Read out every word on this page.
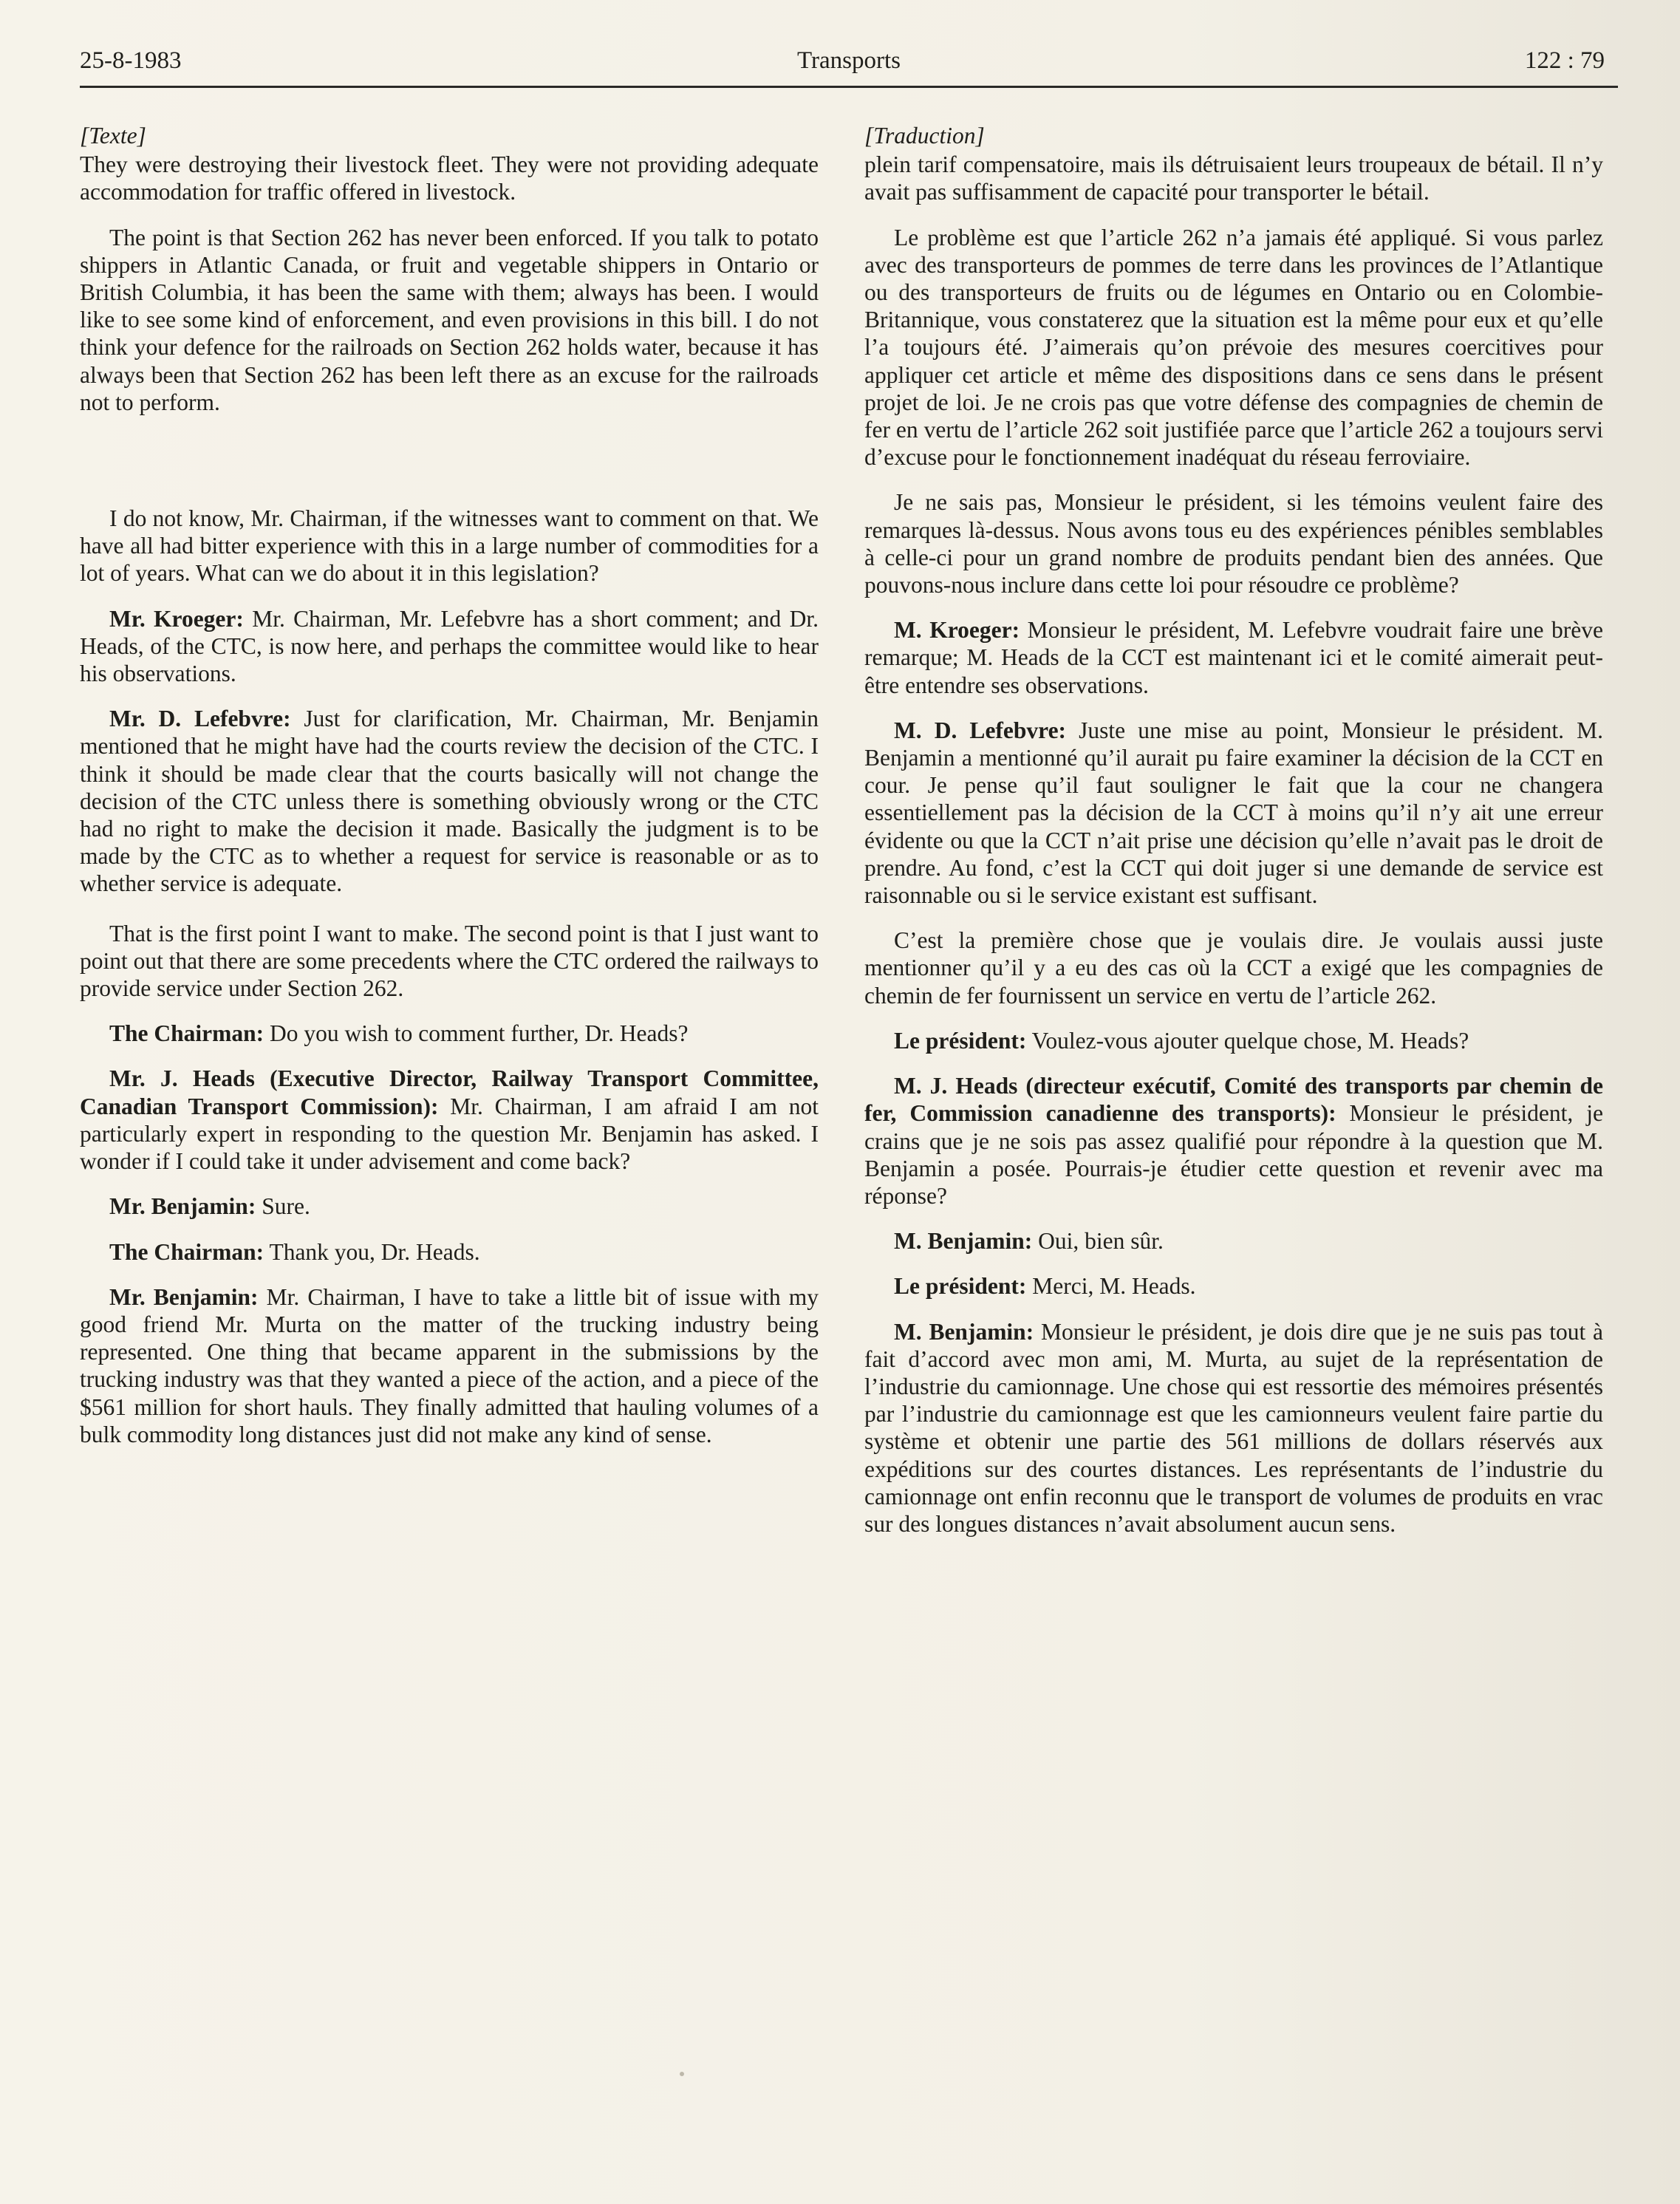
25-8-1983	Transports	122 : 79

[Texte]

They were destroying their livestock fleet. They were not providing adequate accommodation for traffic offered in livestock.

The point is that Section 262 has never been enforced. If you talk to potato shippers in Atlantic Canada, or fruit and vegetable shippers in Ontario or British Columbia, it has been the same with them; always has been. I would like to see some kind of enforcement, and even provisions in this bill. I do not think your defence for the railroads on Section 262 holds water, because it has always been that Section 262 has been left there as an excuse for the railroads not to perform.

I do not know, Mr. Chairman, if the witnesses want to comment on that. We have all had bitter experience with this in a large number of commodities for a lot of years. What can we do about it in this legislation?

Mr. Kroeger: Mr. Chairman, Mr. Lefebvre has a short comment; and Dr. Heads, of the CTC, is now here, and perhaps the committee would like to hear his observations.

Mr. D. Lefebvre: Just for clarification, Mr. Chairman, Mr. Benjamin mentioned that he might have had the courts review the decision of the CTC. I think it should be made clear that the courts basically will not change the decision of the CTC unless there is something obviously wrong or the CTC had no right to make the decision it made. Basically the judgment is to be made by the CTC as to whether a request for service is reasonable or as to whether service is adequate.

That is the first point I want to make. The second point is that I just want to point out that there are some precedents where the CTC ordered the railways to provide service under Section 262.

The Chairman: Do you wish to comment further, Dr. Heads?

Mr. J. Heads (Executive Director, Railway Transport Committee, Canadian Transport Commission): Mr. Chairman, I am afraid I am not particularly expert in responding to the question Mr. Benjamin has asked. I wonder if I could take it under advisement and come back?

Mr. Benjamin: Sure.

The Chairman: Thank you, Dr. Heads.

Mr. Benjamin: Mr. Chairman, I have to take a little bit of issue with my good friend Mr. Murta on the matter of the trucking industry being represented. One thing that became apparent in the submissions by the trucking industry was that they wanted a piece of the action, and a piece of the $561 million for short hauls. They finally admitted that hauling volumes of a bulk commodity long distances just did not make any kind of sense.

[Traduction]

plein tarif compensatoire, mais ils détruisaient leurs troupeaux de bétail. Il n’y avait pas suffisamment de capacité pour transporter le bétail.

Le problème est que l’article 262 n’a jamais été appliqué. Si vous parlez avec des transporteurs de pommes de terre dans les provinces de l’Atlantique ou des transporteurs de fruits ou de légumes en Ontario ou en Colombie-Britannique, vous constaterez que la situation est la même pour eux et qu’elle l’a toujours été. J’aimerais qu’on prévoie des mesures coercitives pour appliquer cet article et même des dispositions dans ce sens dans le présent projet de loi. Je ne crois pas que votre défense des compagnies de chemin de fer en vertu de l’article 262 soit justifiée parce que l’article 262 a toujours servi d’excuse pour le fonctionnement inadéquat du réseau ferroviaire.

Je ne sais pas, Monsieur le président, si les témoins veulent faire des remarques là-dessus. Nous avons tous eu des expériences pénibles semblables à celle-ci pour un grand nombre de produits pendant bien des années. Que pouvons-nous inclure dans cette loi pour résoudre ce problème?

M. Kroeger: Monsieur le président, M. Lefebvre voudrait faire une brève remarque; M. Heads de la CCT est maintenant ici et le comité aimerait peut-être entendre ses observations.

M. D. Lefebvre: Juste une mise au point, Monsieur le président. M. Benjamin a mentionné qu’il aurait pu faire examiner la décision de la CCT en cour. Je pense qu’il faut souligner le fait que la cour ne changera essentiellement pas la décision de la CCT à moins qu’il n’y ait une erreur évidente ou que la CCT n’ait prise une décision qu’elle n’avait pas le droit de prendre. Au fond, c’est la CCT qui doit juger si une demande de service est raisonnable ou si le service existant est suffisant.

C’est la première chose que je voulais dire. Je voulais aussi juste mentionner qu’il y a eu des cas où la CCT a exigé que les compagnies de chemin de fer fournissent un service en vertu de l’article 262.

Le président: Voulez-vous ajouter quelque chose, M. Heads?

M. J. Heads (directeur exécutif, Comité des transports par chemin de fer, Commission canadienne des transports): Monsieur le président, je crains que je ne sois pas assez qualifié pour répondre à la question que M. Benjamin a posée. Pourrais-je étudier cette question et revenir avec ma réponse?

M. Benjamin: Oui, bien sûr.

Le président: Merci, M. Heads.

M. Benjamin: Monsieur le président, je dois dire que je ne suis pas tout à fait d’accord avec mon ami, M. Murta, au sujet de la représentation de l’industrie du camionnage. Une chose qui est ressortie des mémoires présentés par l’industrie du camionnage est que les camionneurs veulent faire partie du système et obtenir une partie des 561 millions de dollars réservés aux expéditions sur des courtes distances. Les représentants de l’industrie du camionnage ont enfin reconnu que le transport de volumes de produits en vrac sur des longues distances n’avait absolument aucun sens.
